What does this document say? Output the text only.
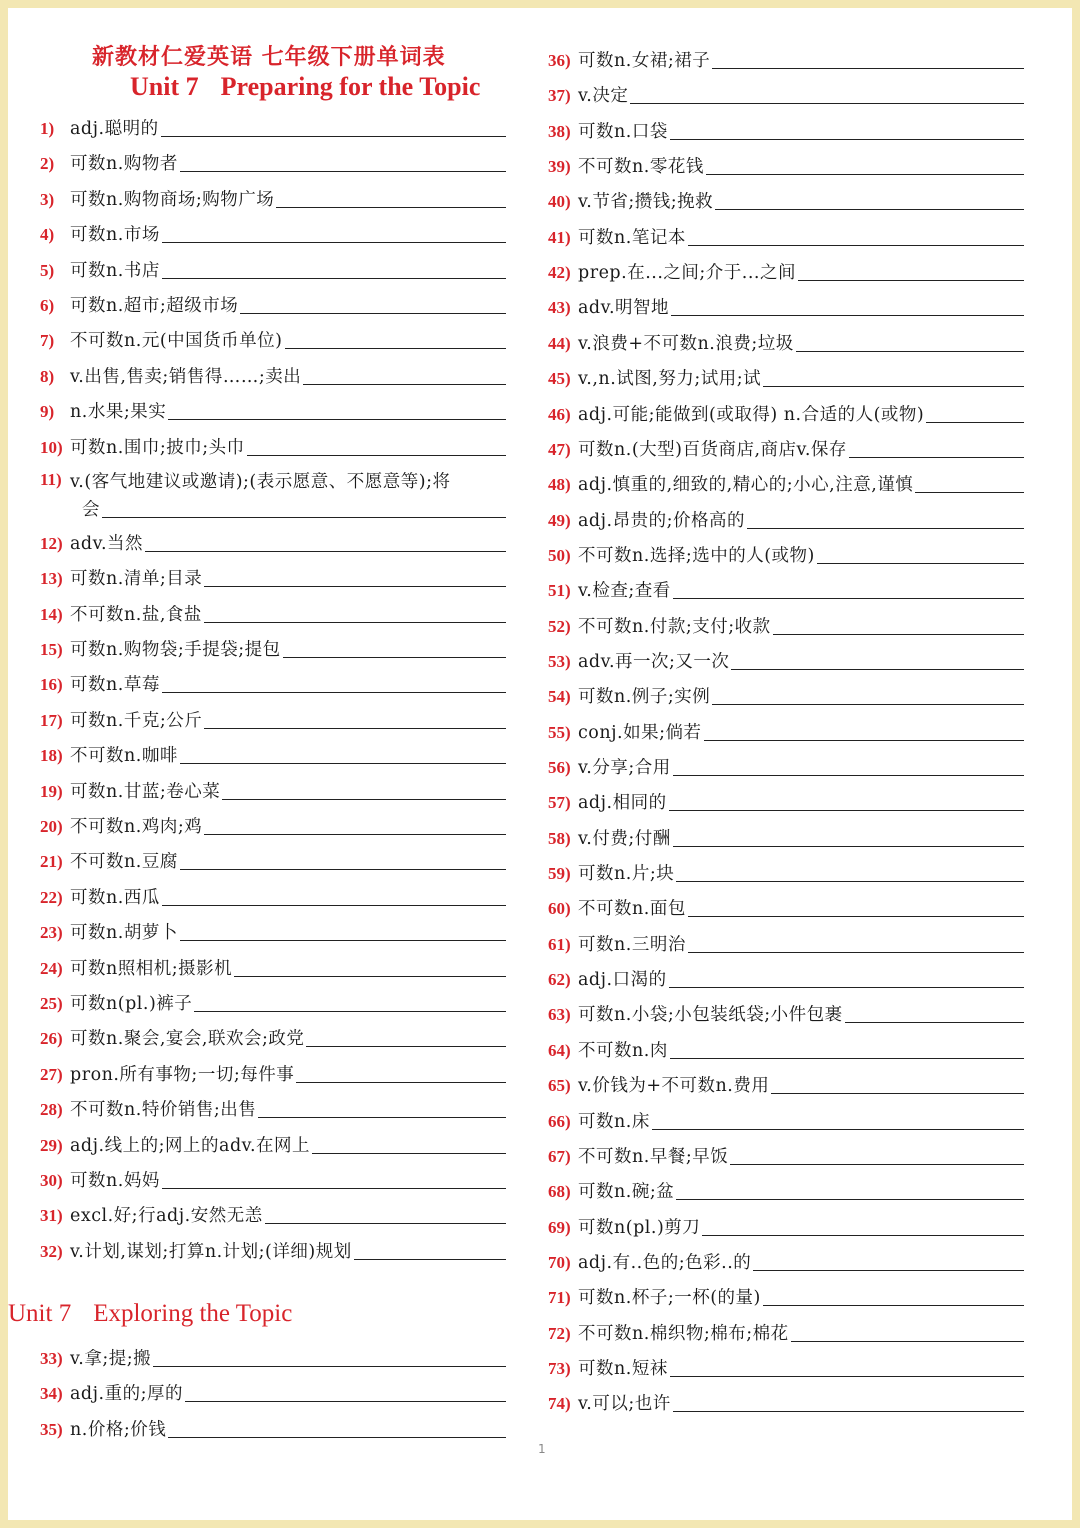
新教材仁爱英语 七年级下册单词表
Unit 7 Preparing for the Topic
1) adj.聪明的
2) 可数n.购物者
3) 可数n.购物商场;购物广场
4) 可数n.市场
5) 可数n.书店
6) 可数n.超市;超级市场
7) 不可数n.元(中国货币单位)
8) v.出售,售卖;销售得……;卖出
9) n.水果;果实
10) 可数n.围巾;披巾;头巾
11) v.(客气地建议或邀请);(表示愿意、不愿意等);将
会
12) adv.当然
13) 可数n.清单;目录
14) 不可数n.盐,食盐
15) 可数n.购物袋;手提袋;提包
16) 可数n.草莓
17) 可数n.千克;公斤
18) 不可数n.咖啡
19) 可数n.甘蓝;卷心菜
20) 不可数n.鸡肉;鸡
21) 不可数n.豆腐
22) 可数n.西瓜
23) 可数n.胡萝卜
24) 可数n照相机;摄影机
25) 可数n(pl.)裤子
26) 可数n.聚会,宴会,联欢会;政党
27) pron.所有事物;一切;每件事
28) 不可数n.特价销售;出售
29) adj.线上的;网上的adv.在网上
30) 可数n.妈妈
31) excl.好;行adj.安然无恙
32) v.计划,谋划;打算n.计划;(详细)规划
Unit 7 Exploring the Topic
33) v.拿;提;搬
34) adj.重的;厚的
35) n.价格;价钱
36) 可数n.女裙;裙子
37) v.决定
38) 可数n.口袋
39) 不可数n.零花钱
40) v.节省;攒钱;挽救
41) 可数n.笔记本
42) prep.在...之间;介于...之间
43) adv.明智地
44) v.浪费+不可数n.浪费;垃圾
45) v.,n.试图,努力;试用;试
46) adj.可能;能做到(或取得) n.合适的人(或物)
47) 可数n.(大型)百货商店,商店v.保存
48) adj.慎重的,细致的,精心的;小心,注意,谨慎
49) adj.昂贵的;价格高的
50) 不可数n.选择;选中的人(或物)
51) v.检查;查看
52) 不可数n.付款;支付;收款
53) adv.再一次;又一次
54) 可数n.例子;实例
55) conj.如果;倘若
56) v.分享;合用
57) adj.相同的
58) v.付费;付酬
59) 可数n.片;块
60) 不可数n.面包
61) 可数n.三明治
62) adj.口渴的
63) 可数n.小袋;小包装纸袋;小件包裹
64) 不可数n.肉
65) v.价钱为+不可数n.费用
66) 可数n.床
67) 不可数n.早餐;早饭
68) 可数n.碗;盆
69) 可数n(pl.)剪刀
70) adj.有..色的;色彩..的
71) 可数n.杯子;一杯(的量)
72) 不可数n.棉织物;棉布;棉花
73) 可数n.短袜
74) v.可以;也许
1
